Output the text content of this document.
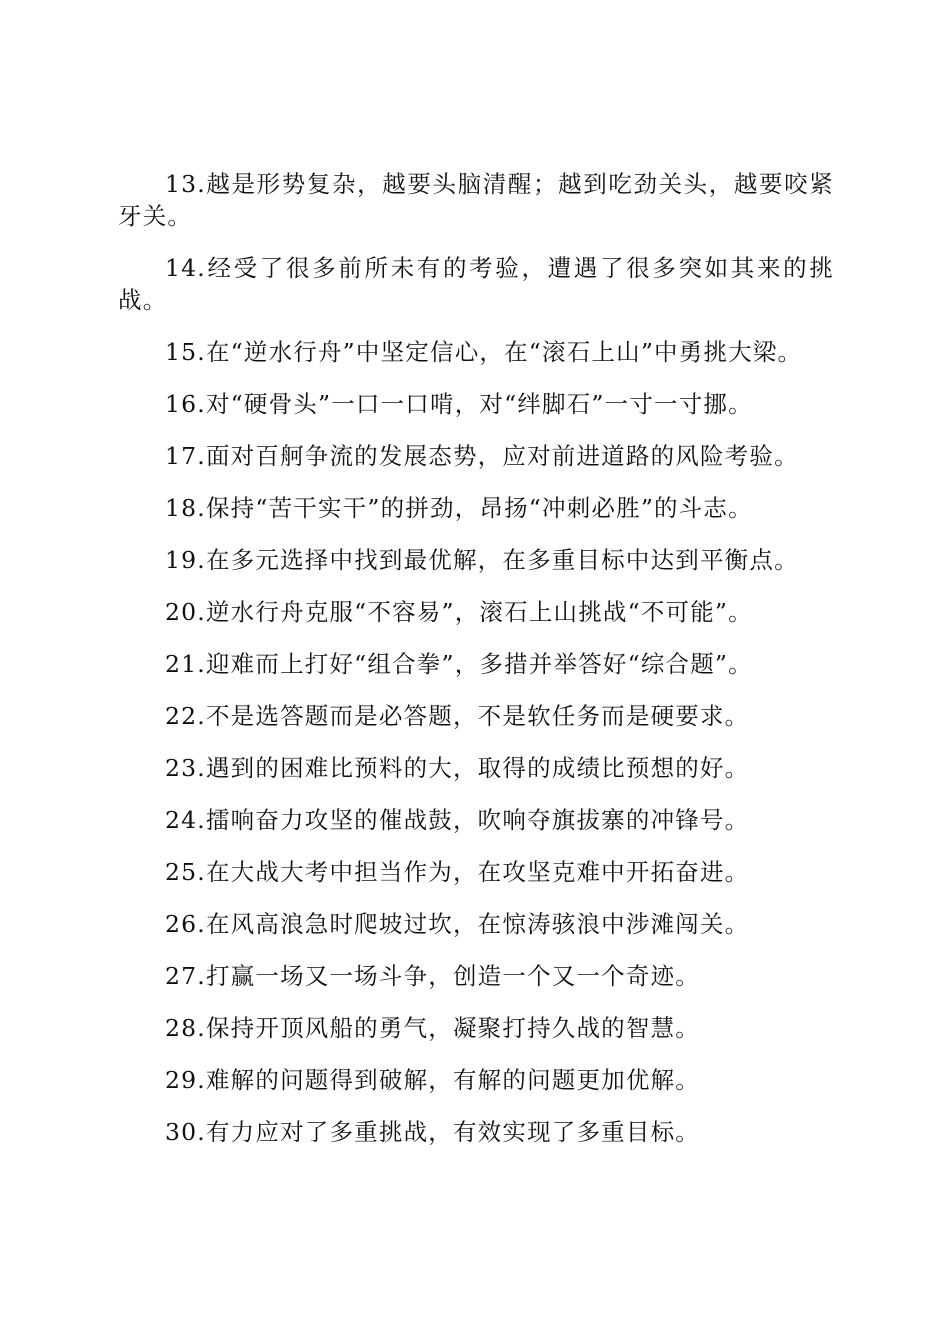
13.越是形势复杂，越要头脑清醒；越到吃劲关头，越要咬紧牙关。

14.经受了很多前所未有的考验，遭遇了很多突如其来的挑战。

15.在“逆水行舟”中坚定信心，在“滚石上山”中勇挑大梁。

16.对“硬骨头”一口一口啃，对“绊脚石”一寸一寸挪。

17.面对百舸争流的发展态势，应对前进道路的风险考验。

18.保持“苦干实干”的拼劲，昂扬“冲刺必胜”的斗志。

19.在多元选择中找到最优解，在多重目标中达到平衡点。

20.逆水行舟克服“不容易”，滚石上山挑战“不可能”。

21.迎难而上打好“组合拳”，多措并举答好“综合题”。

22.不是选答题而是必答题，不是软任务而是硬要求。

23.遇到的困难比预料的大，取得的成绩比预想的好。

24.擂响奋力攻坚的催战鼓，吹响夺旗拔寨的冲锋号。

25.在大战大考中担当作为，在攻坚克难中开拓奋进。

26.在风高浪急时爬坡过坎，在惊涛骇浪中涉滩闯关。

27.打赢一场又一场斗争，创造一个又一个奇迹。

28.保持开顶风船的勇气，凝聚打持久战的智慧。

29.难解的问题得到破解，有解的问题更加优解。

30.有力应对了多重挑战，有效实现了多重目标。
